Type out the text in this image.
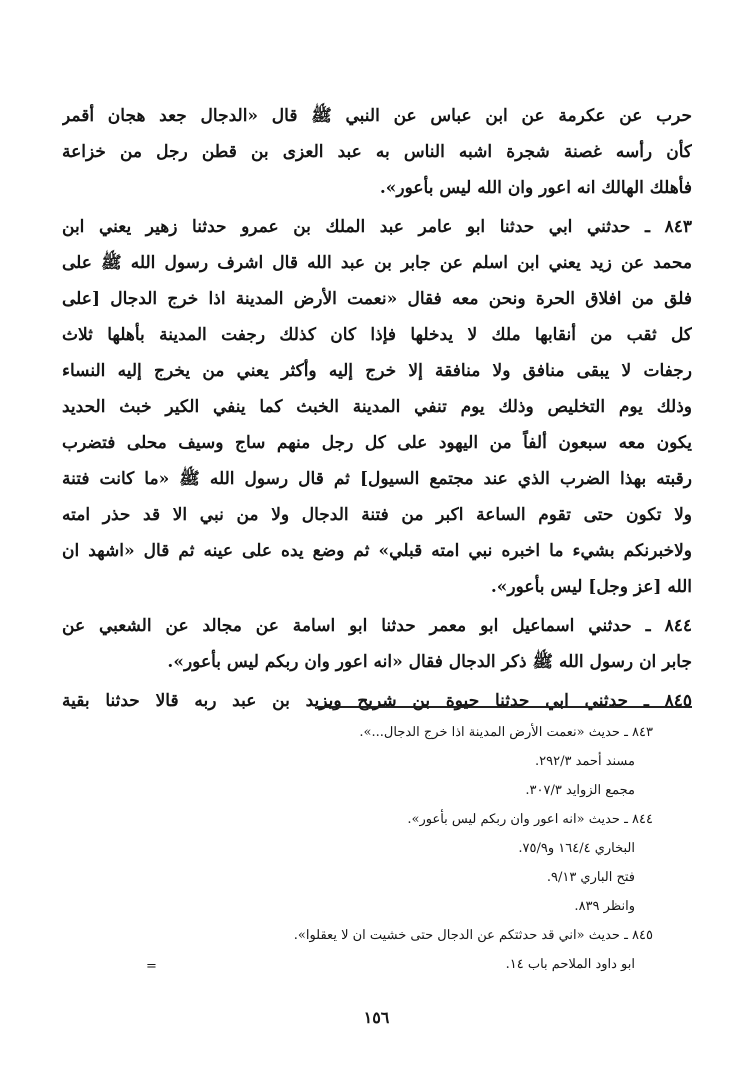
حرب عن عكرمة عن ابن عباس عن النبي ﷺ قال «الدجال جعد هجان أقمر
كأن رأسه غصنة شجرة اشبه الناس به عبد العزى بن قطن رجل من خزاعة
فأهلك الهالك انه اعور وان الله ليس بأعور».
٨٤٣ ـ حدثني ابي حدثنا ابو عامر عبد الملك بن عمرو حدثنا زهير يعني ابن
محمد عن زيد يعني ابن اسلم عن جابر بن عبد الله قال اشرف رسول الله ﷺ على
فلق من افلاق الحرة ونحن معه فقال «نعمت الأرض المدينة اذا خرج الدجال [على
كل ثقب من أنقابها ملك لا يدخلها فإذا كان كذلك رجفت المدينة بأهلها ثلاث
رجفات لا يبقى منافق ولا منافقة إلا خرج إليه وأكثر يعني من يخرج إليه النساء
وذلك يوم التخليص وذلك يوم تنفي المدينة الخبث كما ينفي الكير خبث الحديد
يكون معه سبعون ألفاً من اليهود على كل رجل منهم ساج وسيف محلى فتضرب
رقبته بهذا الضرب الذي عند مجتمع السيول] ثم قال رسول الله ﷺ «ما كانت فتنة
ولا تكون حتى تقوم الساعة اكبر من فتنة الدجال ولا من نبي الا قد حذر امته
ولاخبرنكم بشيء ما اخبره نبي امته قبلي» ثم وضع يده على عينه ثم قال «اشهد ان
الله [عز وجل] ليس بأعور».
٨٤٤ ـ حدثني اسماعيل ابو معمر حدثنا ابو اسامة عن مجالد عن الشعبي عن
جابر ان رسول الله ﷺ ذكر الدجال فقال «انه اعور وان ربكم ليس بأعور».
٨٤٥ ـ حدثني ابي حدثنا حيوة بن شريح ويزيد بن عبد ربه قالا حدثنا بقية
٨٤٣ ـ حديث «نعمت الأرض المدينة اذا خرج الدجال...».
مسند أحمد ٢٩٢/٣.
مجمع الزوايد ٣٠٧/٣.
٨٤٤ ـ حديث «انه اعور وان ربكم ليس بأعور».
البخاري ١٦٤/٤ و٧٥/٩.
فتح الباري ٩/١٣.
وانظر ٨٣٩.
٨٤٥ ـ حديث «اني قد حدثتكم عن الدجال حتى خشيت ان لا يعقلوا».
ابو داود الملاحم باب ١٤.
=
١٥٦
